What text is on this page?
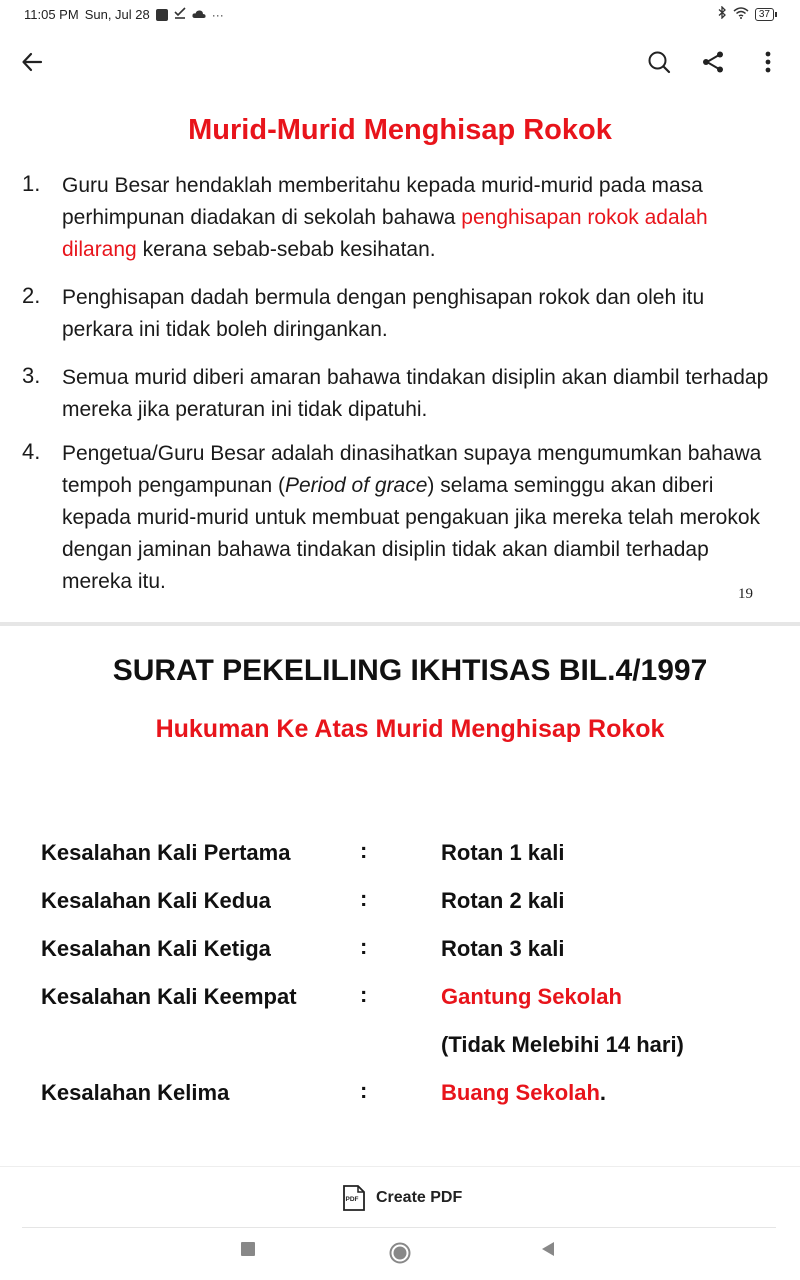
11:05 PM Sun, Jul 28	···	37
Murid-Murid Menghisap Rokok
1. Guru Besar hendaklah memberitahu kepada murid-murid pada masa perhimpunan diadakan di sekolah bahawa penghisapan rokok adalah dilarang kerana sebab-sebab kesihatan.
2. Penghisapan dadah bermula dengan penghisapan rokok dan oleh itu perkara ini tidak boleh diringankan.
3. Semua murid diberi amaran bahawa tindakan disiplin akan diambil terhadap mereka jika peraturan ini tidak dipatuhi.
4. Pengetua/Guru Besar adalah dinasihatkan supaya mengumumkan bahawa tempoh pengampunan (Period of grace) selama seminggu akan diberi kepada murid-murid untuk membuat pengakuan jika mereka telah merokok dengan jaminan bahawa tindakan disiplin tidak akan diambil terhadap mereka itu.
19
SURAT PEKELILING IKHTISAS BIL.4/1997
Hukuman Ke Atas Murid Menghisap Rokok
Kesalahan Kali Pertama	:	Rotan 1 kali
Kesalahan Kali Kedua	:	Rotan 2 kali
Kesalahan Kali Ketiga	:	Rotan 3 kali
Kesalahan Kali Keempat	:	Gantung Sekolah
(Tidak Melebihi 14 hari)
Kesalahan Kelima	:	Buang Sekolah.
PDF Create PDF
